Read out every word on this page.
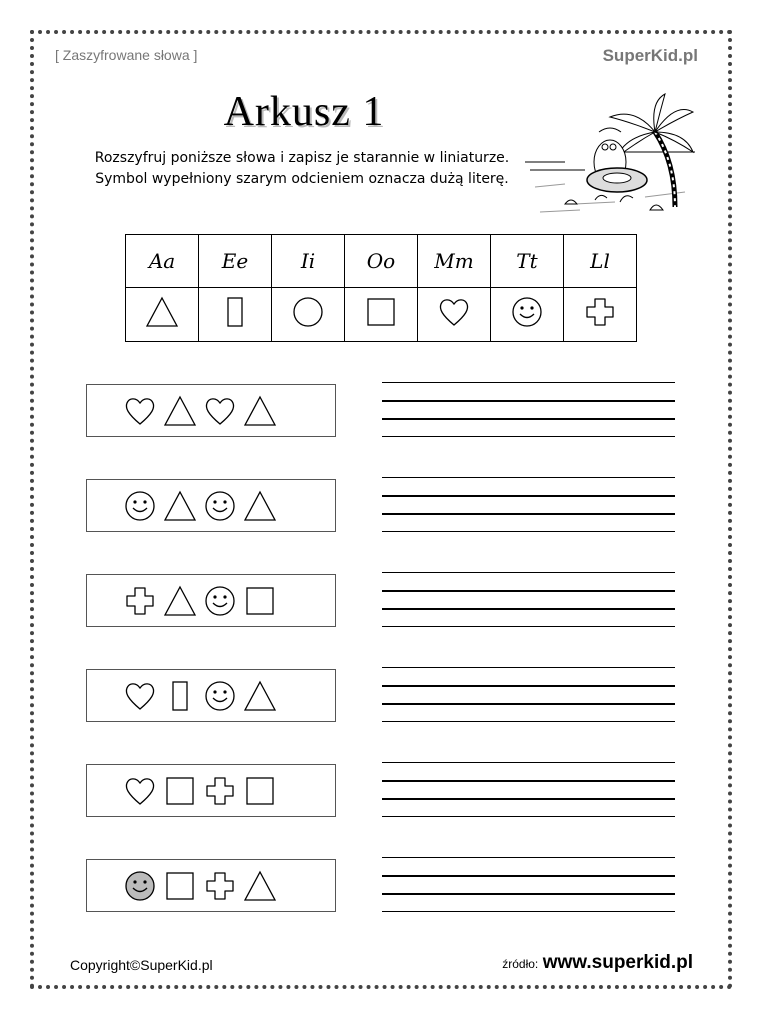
[ Zaszyfrowane słowa ]	SuperKid.pl
Arkusz 1
Rozszyfruj poniższe słowa i zapisz je starannie w liniaturze.
Symbol wypełniony szarym odcieniem oznacza dużą literę.
Aa	Ee	Ii	Oo	Mm	Tt	Ll

Copyright©SuperKid.pl	źródło: www.superkid.pl
